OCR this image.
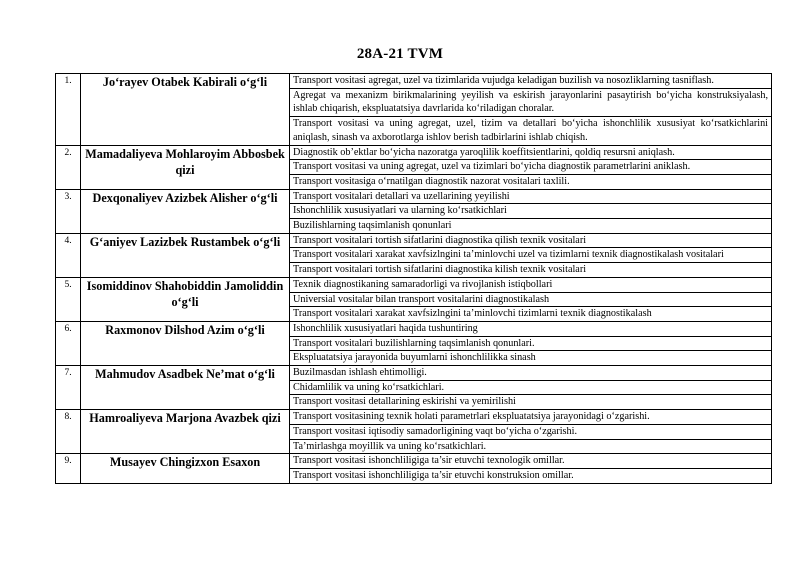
28A-21 TVM
1.	Jo‘rayev Otabek Kabirali o‘g‘li	Transport vositasi agregat, uzel va tizimlarida vujudga keladigan buzilish va nosozliklarning tasniflash.
		Agregat va mexanizm birikmalarining yeyilish va eskirish jarayonlarini pasaytirish bo‘yicha konstruksiyalash, ishlab chiqarish, ekspluatatsiya davrlarida ko‘riladigan choralar.
		Transport vositasi va uning agregat, uzel, tizim va detallari bo‘yicha ishonchlilik xususiyat ko‘rsatkichlarini aniqlash, sinash va axborotlarga ishlov berish tadbirlarini ishlab chiqish.
2.	Mamadaliyeva Mohlaroyim Abbosbek qizi	Diagnostik ob’ektlar bo‘yicha nazoratga yaroqlilik koeffitsientlarini, qoldiq resursni aniqlash.
		Transport vositasi va uning agregat, uzel va tizimlari bo‘yicha diagnostik parametrlarini aniklash.
		Transport vositasiga o‘rnatilgan diagnostik nazorat vositalari taxlili.
3.	Dexqonaliyev Azizbek Alisher o‘g‘li	Transport vositalari detallari va uzellarining yeyilishi
		Ishonchlilik xususiyatlari va ularning ko‘rsatkichlari
		Buzilishlarning taqsimlanish qonunlari
4.	G‘aniyev Lazizbek Rustambek o‘g‘li	Transport vositalari tortish sifatlarini diagnostika qilish texnik vositalari
		Transport vositalari xarakat xavfsizlngini ta’minlovchi uzel va tizimlarni texnik diagnostikalash vositalari
		Transport vositalari tortish sifatlarini diagnostika kilish texnik vositalari
5.	Isomiddinov Shahobiddin Jamoliddin o‘g‘li	Texnik diagnostikaning samaradorligi va rivojlanish istiqbollari
		Universial vositalar bilan transport vositalarini diagnostikalash
		Transport vositalari xarakat xavfsizlngini ta’minlovchi tizimlarni texnik diagnostikalash
6.	Raxmonov Dilshod Azim o‘g‘li	Ishonchlilik xususiyatlari haqida tushuntiring
		Transport vositalari buzilishlarning taqsimlanish qonunlari.
		Ekspluatatsiya jarayonida buyumlarni ishonchlilikka sinash
7.	Mahmudov Asadbek Ne’mat o‘g‘li	Buzilmasdan ishlash ehtimolligi.
		Chidamlilik va uning ko‘rsatkichlari.
		Transport vositasi detallarining eskirishi va yemirilishi
8.	Hamroaliyeva Marjona Avazbek qizi	Transport vositasining texnik holati parametrlari ekspluatatsiya jarayonidagi o‘zgarishi.
		Transport vositasi iqtisodiy samadorligining vaqt bo‘yicha o‘zgarishi.
		Ta’mirlashga moyillik va uning ko‘rsatkichlari.
9.	Musayev Chingizxon Esaxon	Transport vositasi ishonchliligiga ta’sir etuvchi texnologik omillar.
		Transport vositasi ishonchliligiga ta’sir etuvchi konstruksion omillar.
